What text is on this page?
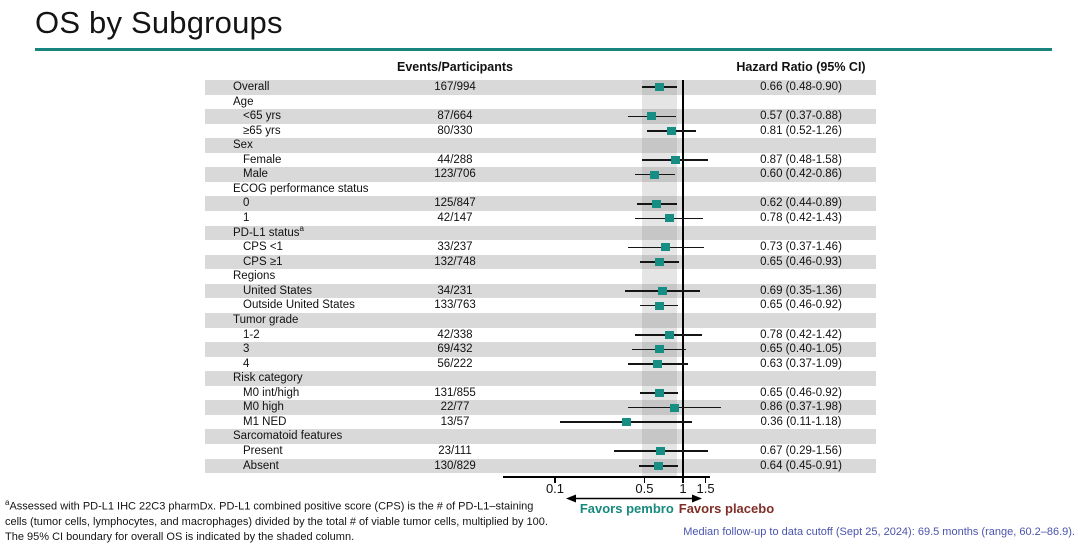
OS by Subgroups
Events/Participants	Hazard Ratio (95% CI)
Overall	167/994	0.66 (0.48-0.90)
Age
<65 yrs	87/664	0.57 (0.37-0.88)
≥65 yrs	80/330	0.81 (0.52-1.26)
Sex
Female	44/288	0.87 (0.48-1.58)
Male	123/706	0.60 (0.42-0.86)
ECOG performance status
0	125/847	0.62 (0.44-0.89)
1	42/147	0.78 (0.42-1.43)
PD-L1 status$^a$
CPS <1	33/237	0.73 (0.37-1.46)
CPS ≥1	132/748	0.65 (0.46-0.93)
Regions
United States	34/231	0.69 (0.35-1.36)
Outside United States	133/763	0.65 (0.46-0.92)
Tumor grade
1-2	42/338	0.78 (0.42-1.42)
3	69/432	0.65 (0.40-1.05)
4	56/222	0.63 (0.37-1.09)
Risk category
M0 int/high	131/855	0.65 (0.46-0.92)
M0 high	22/77	0.86 (0.37-1.98)
M1 NED	13/57	0.36 (0.11-1.18)
Sarcomatoid features
Present	23/111	0.67 (0.29-1.56)
Absent	130/829	0.64 (0.45-0.91)
0.1	0.5	1 1.5
Favors pembro Favors placebo
$^a$Assessed with PD-L1 IHC 22C3 pharmDx. PD-L1 combined positive score (CPS) is the # of PD-L1–staining
cells (tumor cells, lymphocytes, and macrophages) divided by the total # of viable tumor cells, multiplied by 100.
The 95% CI boundary for overall OS is indicated by the shaded column.	Median follow-up to data cutoff (Sept 25, 2024): 69.5 months (range, 60.2–86.9).
